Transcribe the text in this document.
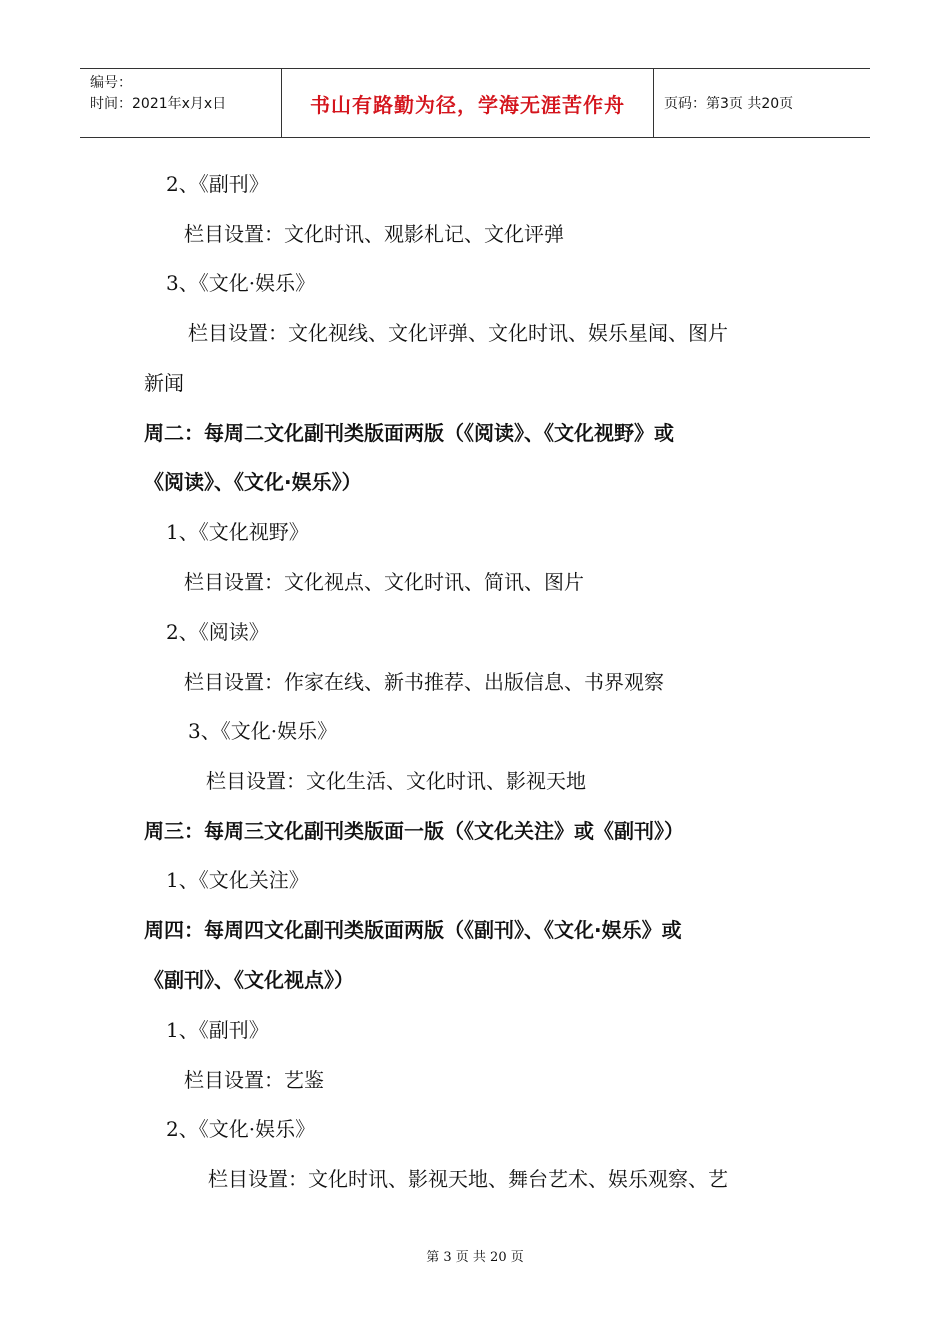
编号：
时间：2021年x月x日	书山有路勤为径，学海无涯苦作舟	页码：第3页 共20页
2、《副刊》
栏目设置：文化时讯、观影札记、文化评弹
3、《文化·娱乐》
栏目设置：文化视线、文化评弹、文化时讯、娱乐星闻、图片
新闻
周二：每周二文化副刊类版面两版（《阅读》、《文化视野》或
《阅读》、《文化·娱乐》）
1、《文化视野》
栏目设置：文化视点、文化时讯、简讯、图片
2、《阅读》
栏目设置：作家在线、新书推荐、出版信息、书界观察
3、《文化·娱乐》
栏目设置：文化生活、文化时讯、影视天地
周三：每周三文化副刊类版面一版（《文化关注》或《副刊》）
1、《文化关注》
周四：每周四文化副刊类版面两版（《副刊》、《文化·娱乐》或
《副刊》、《文化视点》）
1、《副刊》
栏目设置：艺鉴
2、《文化·娱乐》
栏目设置：文化时讯、影视天地、舞台艺术、娱乐观察、艺
第 3 页 共 20 页
